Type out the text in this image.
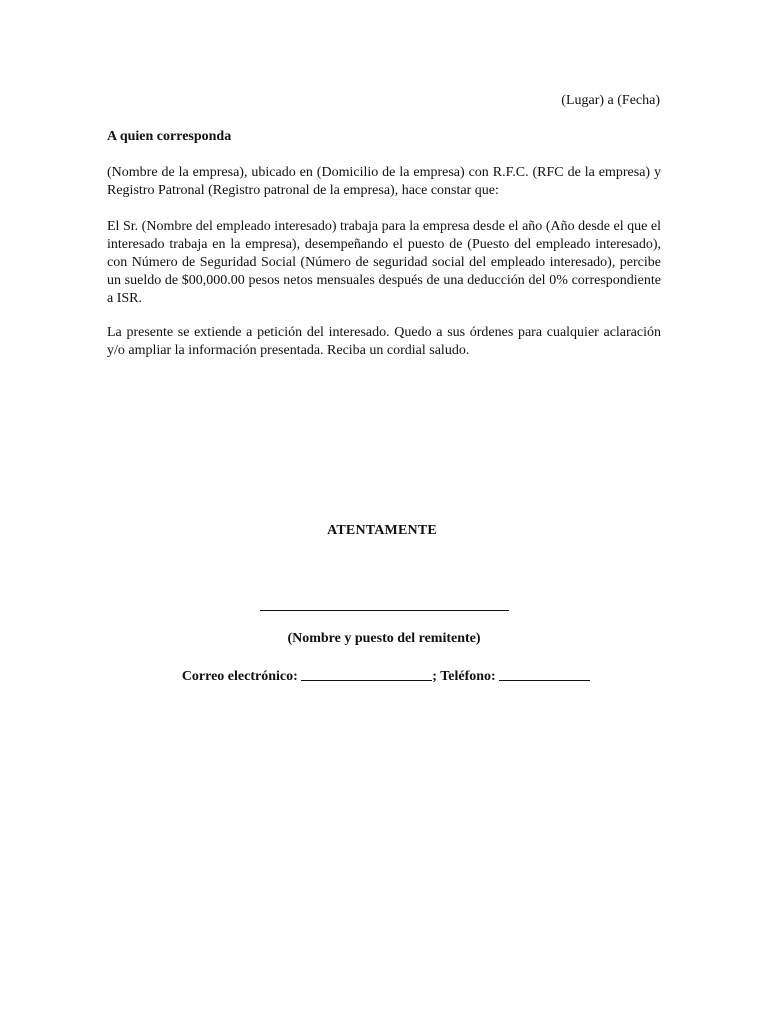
(Lugar) a (Fecha)
A quien corresponda

(Nombre de la empresa), ubicado en (Domicilio de la empresa) con R.F.C. (RFC de la empresa) y Registro Patronal (Registro patronal de la empresa), hace constar que:

El Sr. (Nombre del empleado interesado) trabaja para la empresa desde el año (Año desde el que el interesado trabaja en la empresa), desempeñando el puesto de (Puesto del empleado interesado), con Número de Seguridad Social (Número de seguridad social del empleado interesado), percibe un sueldo de $00,000.00 pesos netos mensuales después de una deducción del 0% correspondiente a ISR.

La presente se extiende a petición del interesado. Quedo a sus órdenes para cualquier aclaración y/o ampliar la información presentada. Reciba un cordial saludo.

ATENTAMENTE
(Nombre y puesto del remitente)
Correo electrónico:	; Teléfono:
